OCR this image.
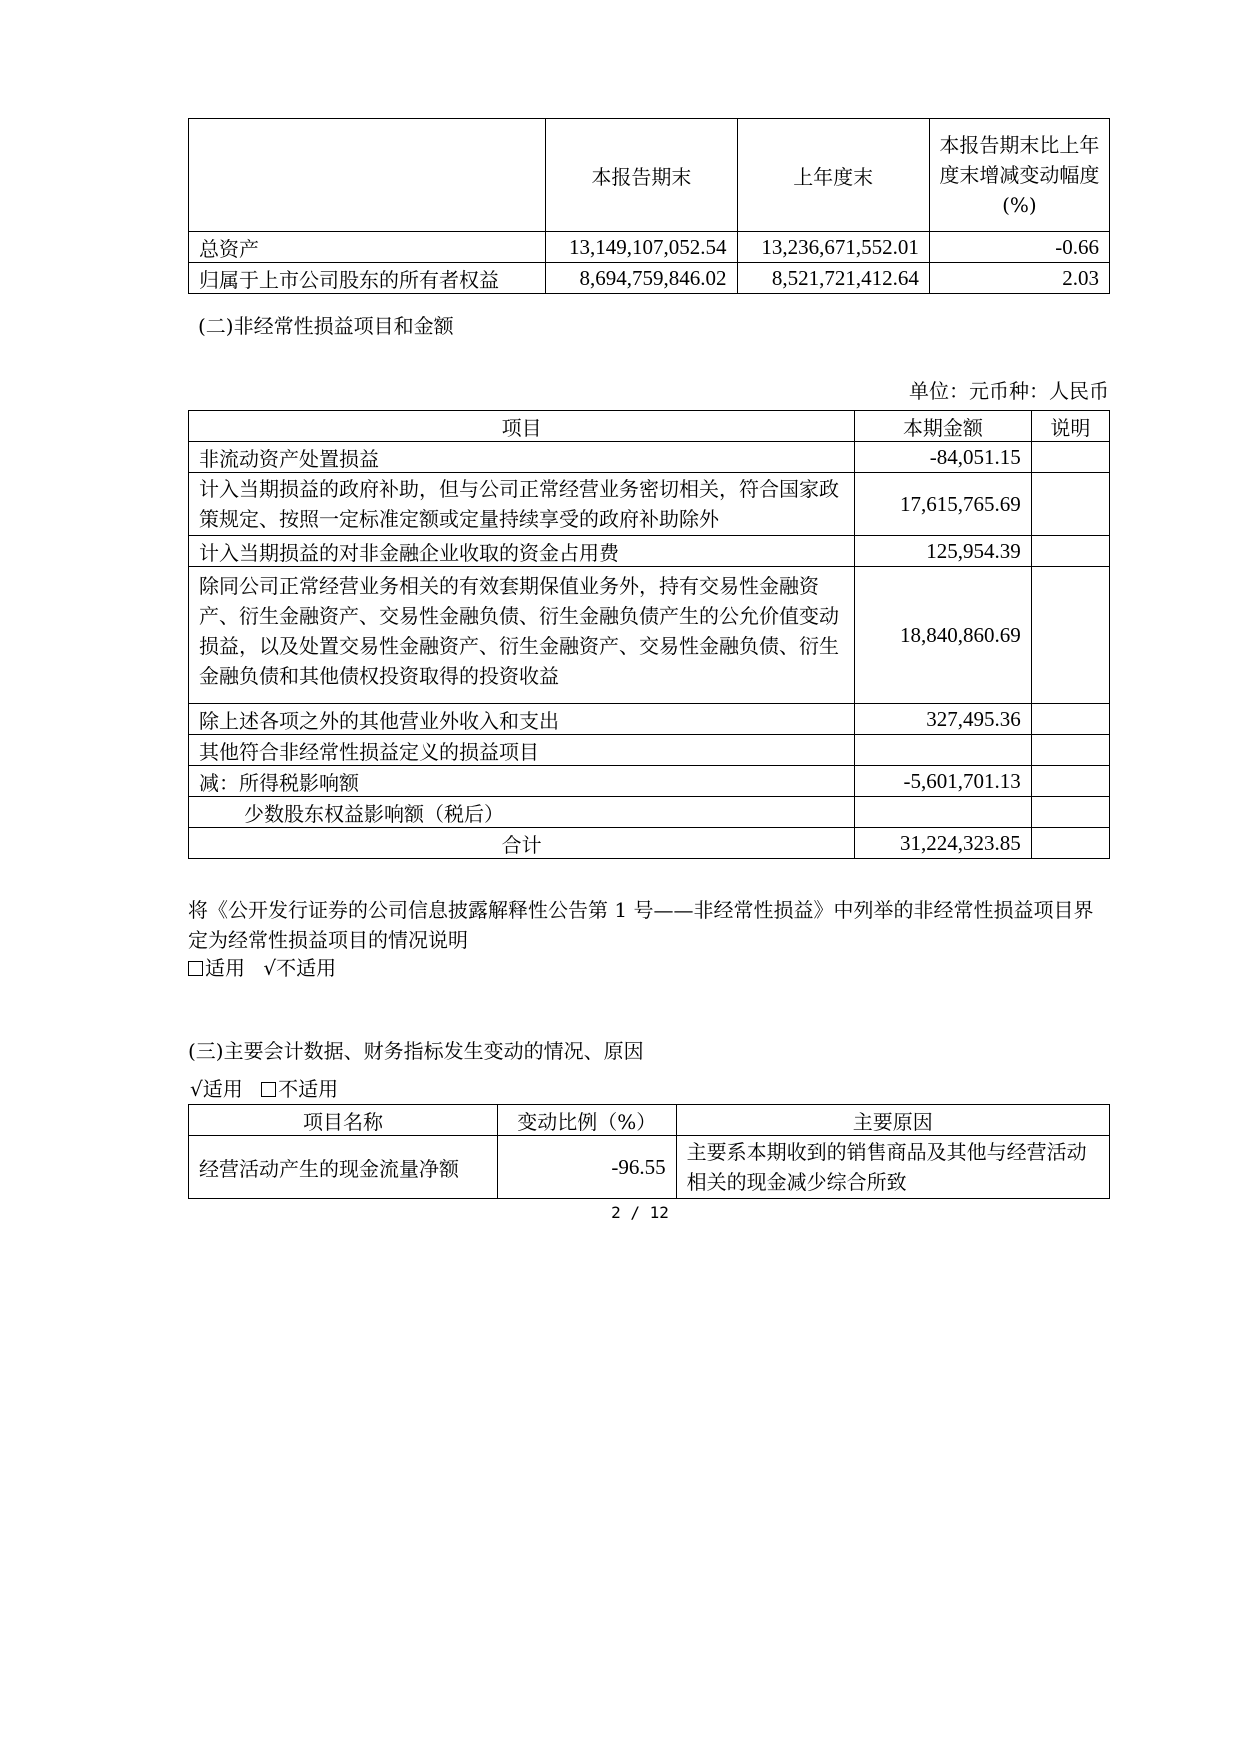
	本报告期末	上年度末	本报告期末比上年度末增减变动幅度(%)
总资产	13,149,107,052.54	13,236,671,552.01	-0.66
归属于上市公司股东的所有者权益	8,694,759,846.02	8,521,721,412.64	2.03
(二)非经常性损益项目和金额
单位：元币种：人民币
项目	本期金额	说明
非流动资产处置损益	-84,051.15	
计入当期损益的政府补助，但与公司正常经营业务密切相关，符合国家政策规定、按照一定标准定额或定量持续享受的政府补助除外	17,615,765.69	
计入当期损益的对非金融企业收取的资金占用费	125,954.39	
除同公司正常经营业务相关的有效套期保值业务外，持有交易性金融资产、衍生金融资产、交易性金融负债、衍生金融负债产生的公允价值变动损益，以及处置交易性金融资产、衍生金融资产、交易性金融负债、衍生金融负债和其他债权投资取得的投资收益	18,840,860.69	
除上述各项之外的其他营业外收入和支出	327,495.36	
其他符合非经常性损益定义的损益项目		
减：所得税影响额	-5,601,701.13	
少数股东权益影响额（税后）		
合计	31,224,323.85	
将《公开发行证券的公司信息披露解释性公告第 1 号——非经常性损益》中列举的非经常性损益项目界定为经常性损益项目的情况说明
适用 √不适用
(三)主要会计数据、财务指标发生变动的情况、原因
√适用 不适用
项目名称	变动比例（%）	主要原因
经营活动产生的现金流量净额	-96.55	主要系本期收到的销售商品及其他与经营活动相关的现金减少综合所致
2 / 12
